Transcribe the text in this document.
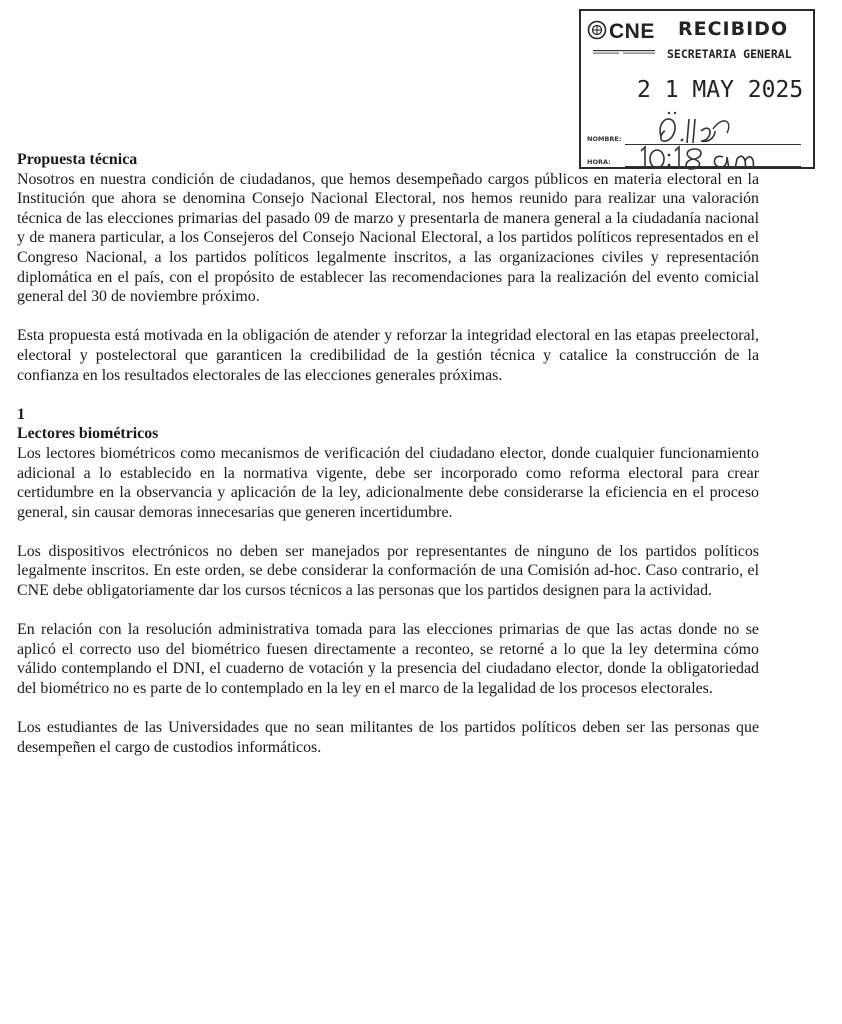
CNE RECIBIDO
SECRETARIA GENERAL
2 1 MAY 2025
NOMBRE:
HORA:
Propuesta técnica

Nosotros en nuestra condición de ciudadanos, que hemos desempeñado cargos públicos en materia electoral en la Institución que ahora se denomina Consejo Nacional Electoral, nos hemos reunido para realizar una valoración técnica de las elecciones primarias del pasado 09 de marzo y presentarla de manera general a la ciudadanía nacional y de manera particular, a los Consejeros del Consejo Nacional Electoral, a los partidos políticos representados en el Congreso Nacional, a los partidos políticos legalmente inscritos, a las organizaciones civiles y representación diplomática en el país, con el propósito de establecer las recomendaciones para la realización del evento comicial general del 30 de noviembre próximo.

Esta propuesta está motivada en la obligación de atender y reforzar la integridad electoral en las etapas preelectoral, electoral y postelectoral que garanticen la credibilidad de la gestión técnica y catalice la construcción de la confianza en los resultados electorales de las elecciones generales próximas.

1
Lectores biométricos

Los lectores biométricos como mecanismos de verificación del ciudadano elector, donde cualquier funcionamiento adicional a lo establecido en la normativa vigente, debe ser incorporado como reforma electoral para crear certidumbre en la observancia y aplicación de la ley, adicionalmente debe considerarse la eficiencia en el proceso general, sin causar demoras innecesarias que generen incertidumbre.

Los dispositivos electrónicos no deben ser manejados por representantes de ninguno de los partidos políticos legalmente inscritos. En este orden, se debe considerar la conformación de una Comisión ad-hoc. Caso contrario, el CNE debe obligatoriamente dar los cursos técnicos a las personas que los partidos designen para la actividad.

En relación con la resolución administrativa tomada para las elecciones primarias de que las actas donde no se aplicó el correcto uso del biométrico fuesen directamente a reconteo, se retorné a lo que la ley determina cómo válido contemplando el DNI, el cuaderno de votación y la presencia del ciudadano elector, donde la obligatoriedad del biométrico no es parte de lo contemplado en la ley en el marco de la legalidad de los procesos electorales.

Los estudiantes de las Universidades que no sean militantes de los partidos políticos deben ser las personas que desempeñen el cargo de custodios informáticos.
